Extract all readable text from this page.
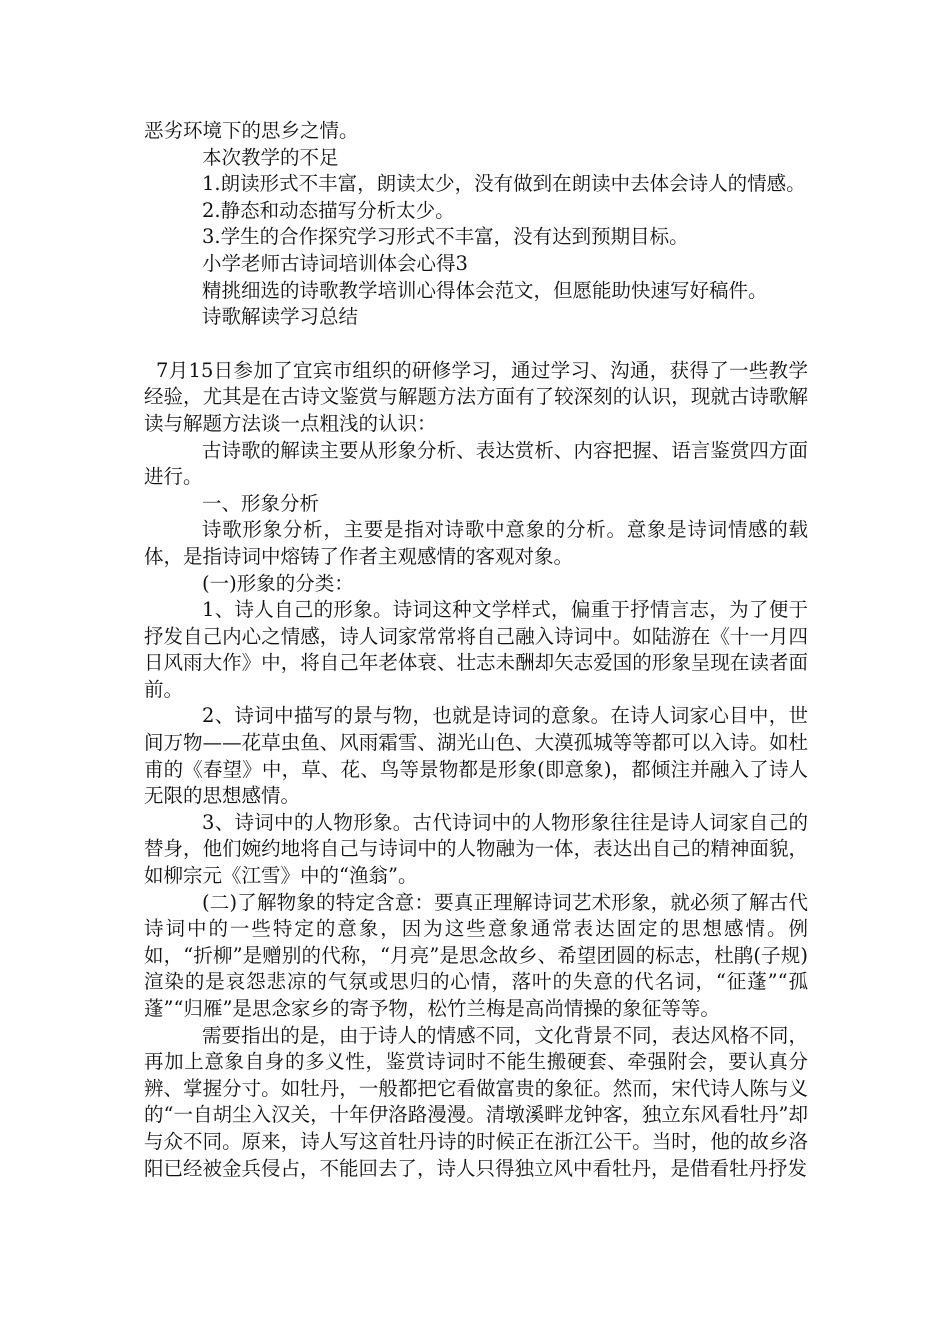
恶劣环境下的思乡之情。

本次教学的不足

1.朗读形式不丰富，朗读太少，没有做到在朗读中去体会诗人的情感。

2.静态和动态描写分析太少。

3.学生的合作探究学习形式不丰富，没有达到预期目标。

小学老师古诗词培训体会心得3

精挑细选的诗歌教学培训心得体会范文，但愿能助快速写好稿件。

诗歌解读学习总结

7月15日参加了宜宾市组织的研修学习，通过学习、沟通，获得了一些教学经验，尤其是在古诗文鉴赏与解题方法方面有了较深刻的认识，现就古诗歌解读与解题方法谈一点粗浅的认识：

古诗歌的解读主要从形象分析、表达赏析、内容把握、语言鉴赏四方面进行。

一、形象分析

诗歌形象分析，主要是指对诗歌中意象的分析。意象是诗词情感的载体，是指诗词中熔铸了作者主观感情的客观对象。

(一)形象的分类：

1、诗人自己的形象。诗词这种文学样式，偏重于抒情言志，为了便于抒发自己内心之情感，诗人词家常常将自己融入诗词中。如陆游在《十一月四日风雨大作》中，将自己年老体衰、壮志未酬却矢志爱国的形象呈现在读者面前。

2、诗词中描写的景与物，也就是诗词的意象。在诗人词家心目中，世间万物——花草虫鱼、风雨霜雪、湖光山色、大漠孤城等等都可以入诗。如杜甫的《春望》中，草、花、鸟等景物都是形象(即意象)，都倾注并融入了诗人无限的思想感情。

3、诗词中的人物形象。古代诗词中的人物形象往往是诗人词家自己的替身，他们婉约地将自己与诗词中的人物融为一体，表达出自己的精神面貌，如柳宗元《江雪》中的“渔翁”。

(二)了解物象的特定含意：要真正理解诗词艺术形象，就必须了解古代诗词中的一些特定的意象，因为这些意象通常表达固定的思想感情。例如，“折柳”是赠别的代称，“月亮”是思念故乡、希望团圆的标志，杜鹃(子规)渲染的是哀怨悲凉的气氛或思归的心情，落叶的失意的代名词，“征蓬”“孤蓬”“归雁”是思念家乡的寄予物，松竹兰梅是高尚情操的象征等等。

需要指出的是，由于诗人的情感不同，文化背景不同，表达风格不同，再加上意象自身的多义性，鉴赏诗词时不能生搬硬套、牵强附会，要认真分辨、掌握分寸。如牡丹，一般都把它看做富贵的象征。然而，宋代诗人陈与义的“一自胡尘入汉关，十年伊洛路漫漫。清墩溪畔龙钟客，独立东风看牡丹”却与众不同。原来，诗人写这首牡丹诗的时候正在浙江公干。当时，他的故乡洛阳已经被金兵侵占，不能回去了，诗人只得独立风中看牡丹，是借看牡丹抒发
